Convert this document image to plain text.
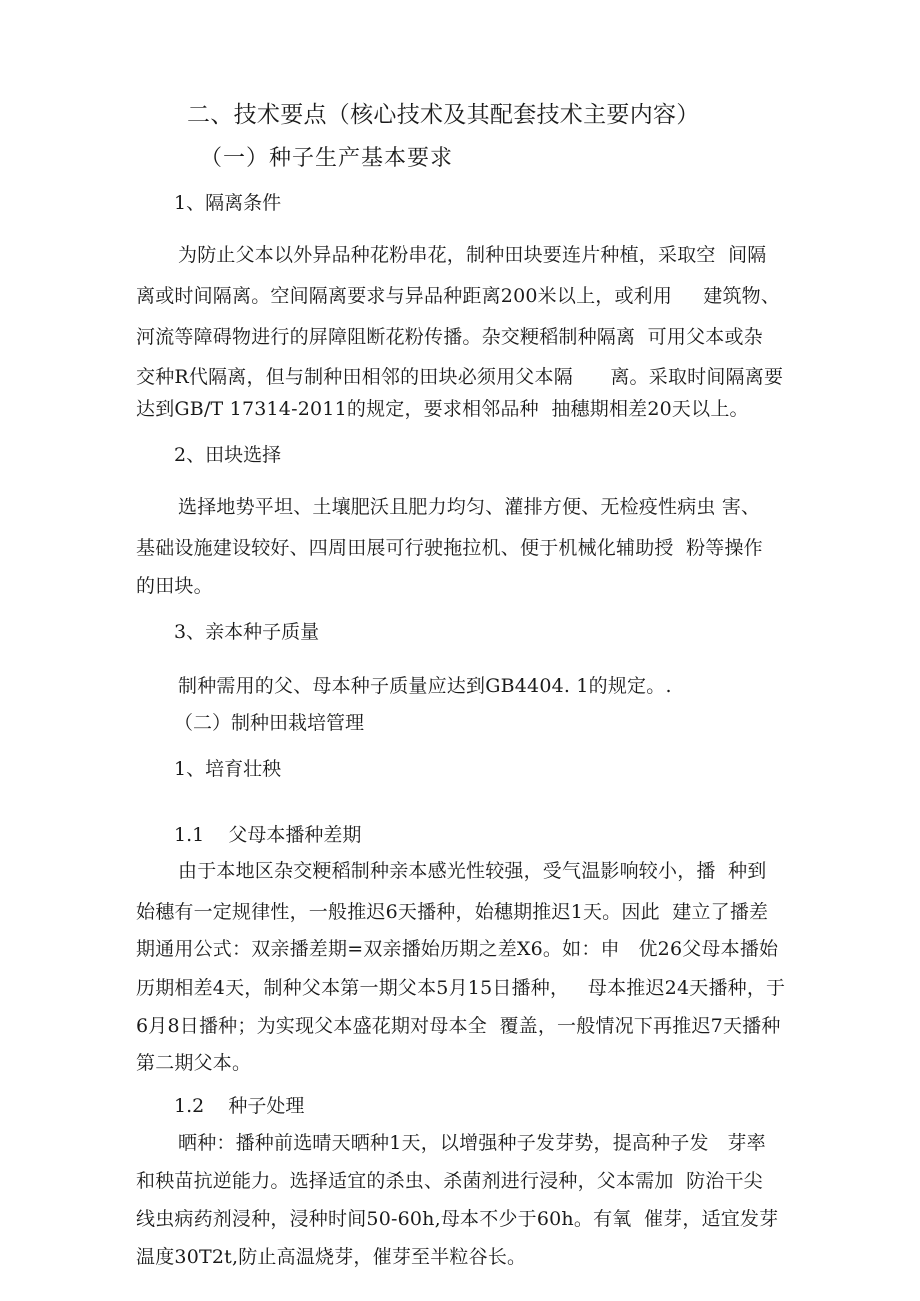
二、技术要点（核心技术及其配套技术主要内容）
（一）种子生产基本要求
1、隔离条件
为防止父本以外异品种花粉串花，制种田块要连片种植，采取空  间隔
离或时间隔离。空间隔离要求与异品种距离200米以上，或利用     建筑物、
河流等障碍物进行的屏障阻断花粉传播。杂交粳稻制种隔离  可用父本或杂
交种R代隔离，但与制种田相邻的田块必须用父本隔      离。采取时间隔离要
达到GB/T 17314-2011的规定，要求相邻品种  抽穗期相差20天以上。
2、田块选择
选择地势平坦、土壤肥沃且肥力均匀、灌排方便、无检疫性病虫 害、
基础设施建设较好、四周田展可行驶拖拉机、便于机械化辅助授  粉等操作
的田块。
3、亲本种子质量
制种需用的父、母本种子质量应达到GB4404. 1的规定。.
（二）制种田栽培管理
1、培育壮秧
1.1    父母本播种差期
由于本地区杂交粳稻制种亲本感光性较强，受气温影响较小，播  种到
始穗有一定规律性，一般推迟6天播种，始穗期推迟1天。因此  建立了播差
期通用公式：双亲播差期=双亲播始历期之差X6。如：申   优26父母本播始
历期相差4天，制种父本第一期父本5月15日播种，   母本推迟24天播种，于
6月8日播种；为实现父本盛花期对母本全  覆盖，一般情况下再推迟7天播种
第二期父本。
1.2    种子处理
晒种：播种前选晴天晒种1天，以增强种子发芽势，提高种子发   芽率
和秧苗抗逆能力。选择适宜的杀虫、杀菌剂进行浸种，父本需加  防治干尖
线虫病药剂浸种，浸种时间50-60h,母本不少于60h。有氧  催芽，适宜发芽
温度30T2t,防止高温烧芽，催芽至半粒谷长。
